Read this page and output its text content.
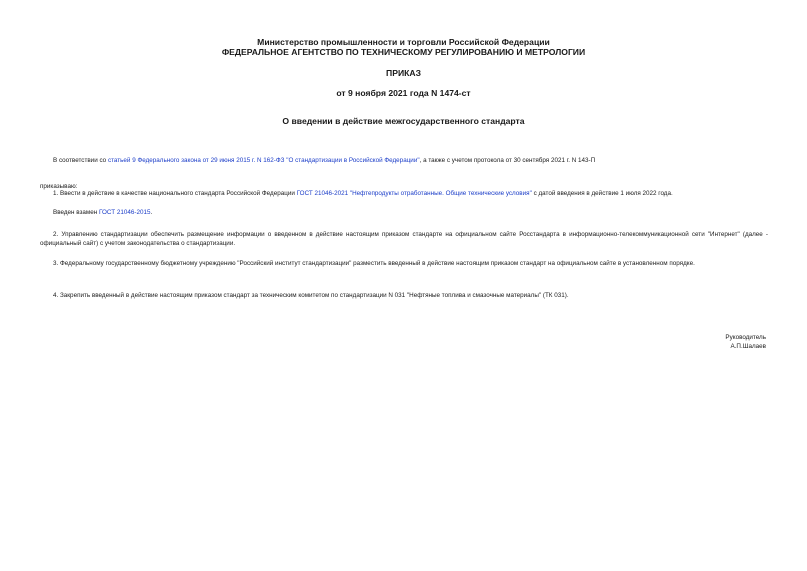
Министерство промышленности и торговли Российской Федерации
ФЕДЕРАЛЬНОЕ АГЕНТСТВО ПО ТЕХНИЧЕСКОМУ РЕГУЛИРОВАНИЮ И МЕТРОЛОГИИ
ПРИКАЗ
от 9 ноября 2021 года N 1474-ст
О введении в действие межгосударственного стандарта
В соответствии со статьей 9 Федерального закона от 29 июня 2015 г. N 162-ФЗ "О стандартизации в Российской Федерации", а также с учетом протокола от 30 сентября 2021 г. N 143-П
приказываю:
1. Ввести в действие в качестве национального стандарта Российской Федерации ГОСТ 21046-2021 "Нефтепродукты отработанные. Общие технические условия" с датой введения в действие 1 июля 2022 года.
Введен взамен ГОСТ 21046-2015.
2. Управлению стандартизации обеспечить размещение информации о введенном в действие настоящим приказом стандарте на официальном сайте Росстандарта в информационно-телекоммуникационной сети "Интернет" (далее - официальный сайт) с учетом законодательства о стандартизации.
3. Федеральному государственному бюджетному учреждению "Российский институт стандартизации" разместить введенный в действие настоящим приказом стандарт на официальном сайте в установленном порядке.
4. Закрепить введенный в действие настоящим приказом стандарт за техническим комитетом по стандартизации N 031 "Нефтяные топлива и смазочные материалы" (ТК 031).
Руководитель
А.П.Шалаев
